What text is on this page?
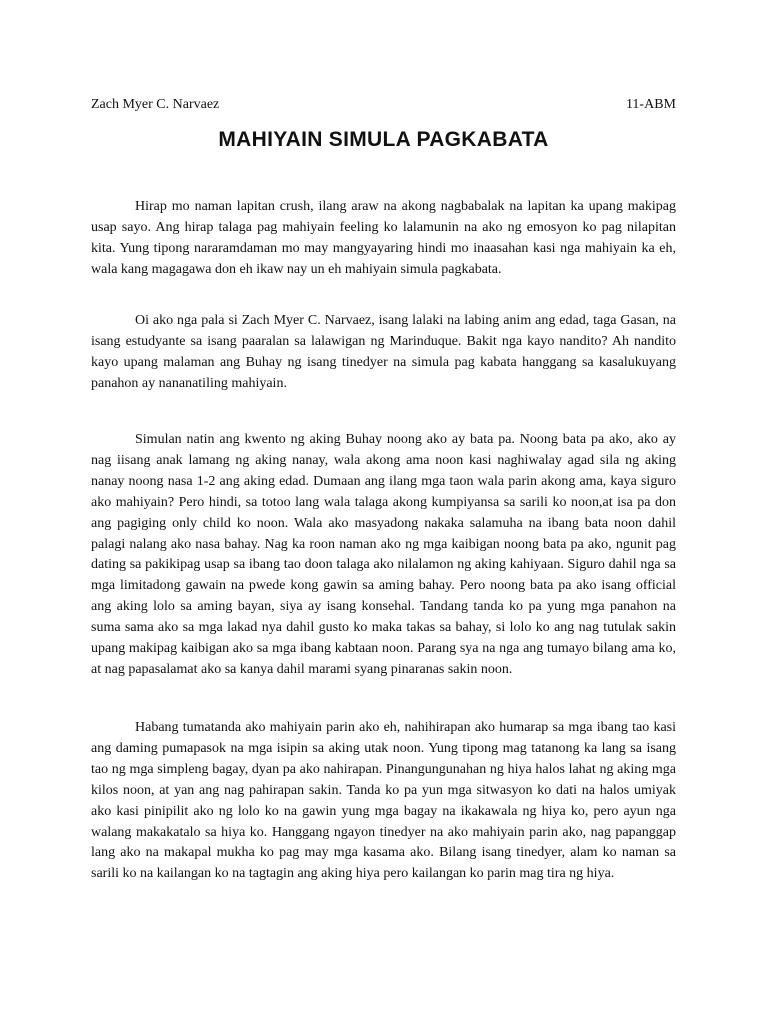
Zach Myer C. Narvaez	11-ABM
MAHIYAIN SIMULA PAGKABATA

Hirap mo naman lapitan crush, ilang araw na akong nagbabalak na lapitan ka upang makipag usap sayo. Ang hirap talaga pag mahiyain feeling ko lalamunin na ako ng emosyon ko pag nilapitan kita. Yung tipong nararamdaman mo may mangyayaring hindi mo inaasahan kasi nga mahiyain ka eh, wala kang magagawa don eh ikaw nay un eh mahiyain simula pagkabata.

Oi ako nga pala si Zach Myer C. Narvaez, isang lalaki na labing anim ang edad, taga Gasan, na isang estudyante sa isang paaralan sa lalawigan ng Marinduque. Bakit nga kayo nandito? Ah nandito kayo upang malaman ang Buhay ng isang tinedyer na simula pag kabata hanggang sa kasalukuyang panahon ay nananatiling mahiyain.

Simulan natin ang kwento ng aking Buhay noong ako ay bata pa. Noong bata pa ako, ako ay nag iisang anak lamang ng aking nanay, wala akong ama noon kasi naghiwalay agad sila ng aking nanay noong nasa 1-2 ang aking edad. Dumaan ang ilang mga taon wala parin akong ama, kaya siguro ako mahiyain? Pero hindi, sa totoo lang wala talaga akong kumpiyansa sa sarili ko noon,at isa pa don ang pagiging only child ko noon. Wala ako masyadong nakaka salamuha na ibang bata noon dahil palagi nalang ako nasa bahay. Nag ka roon naman ako ng mga kaibigan noong bata pa ako, ngunit pag dating sa pakikipag usap sa ibang tao doon talaga ako nilalamon ng aking kahiyaan. Siguro dahil nga sa mga limitadong gawain na pwede kong gawin sa aming bahay. Pero noong bata pa ako isang official ang aking lolo sa aming bayan, siya ay isang konsehal. Tandang tanda ko pa yung mga panahon na suma sama ako sa mga lakad nya dahil gusto ko maka takas sa bahay, si lolo ko ang nag tutulak sakin upang makipag kaibigan ako sa mga ibang kabtaan noon. Parang sya na nga ang tumayo bilang ama ko, at nag papasalamat ako sa kanya dahil marami syang pinaranas sakin noon.

Habang tumatanda ako mahiyain parin ako eh, nahihirapan ako humarap sa mga ibang tao kasi ang daming pumapasok na mga isipin sa aking utak noon. Yung tipong mag tatanong ka lang sa isang tao ng mga simpleng bagay, dyan pa ako nahirapan. Pinangungunahan ng hiya halos lahat ng aking mga kilos noon, at yan ang nag pahirapan sakin. Tanda ko pa yun mga sitwasyon ko dati na halos umiyak ako kasi pinipilit ako ng lolo ko na gawin yung mga bagay na ikakawala ng hiya ko, pero ayun nga walang makakatalo sa hiya ko. Hanggang ngayon tinedyer na ako mahiyain parin ako, nag papanggap lang ako na makapal mukha ko pag may mga kasama ako. Bilang isang tinedyer, alam ko naman sa sarili ko na kailangan ko na tagtagin ang aking hiya pero kailangan ko parin mag tira ng hiya.
